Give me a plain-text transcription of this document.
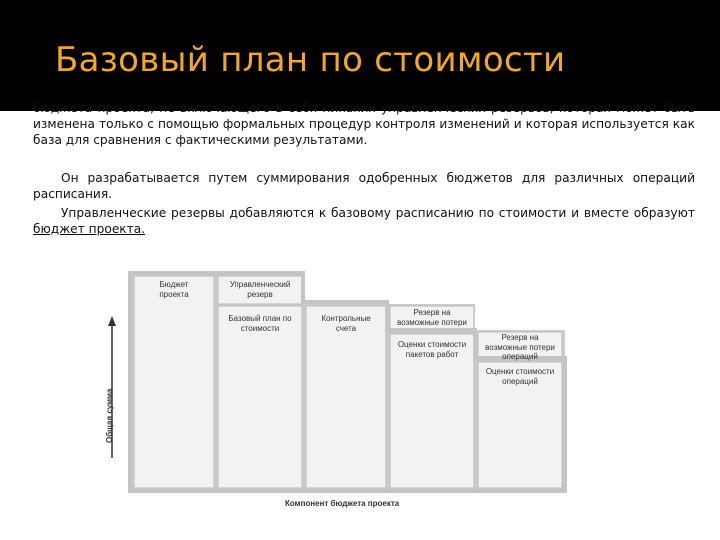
Базовый план по стоимости
бюджета проекта, не включающего в себя никаких управленческих резервов, которая может быть изменена только с помощью формальных процедур контроля изменений и которая используется как база для сравнения с фактическими результатами.
Он разрабатывается путем суммирования одобренных бюджетов для различных операций расписания.
Управленческие резервы добавляются к базовому расписанию по стоимости и вместе образуют бюджет проекта.
Бюджет проекта
Управленческий резерв
Базовый план по стоимости
Контрольные счета
Резерв на возможные потери
Оценки стоимости пакетов работ
Резерв на возможные потери операций
Оценки стоимости операций
Общая сумма
Компонент бюджета проекта
